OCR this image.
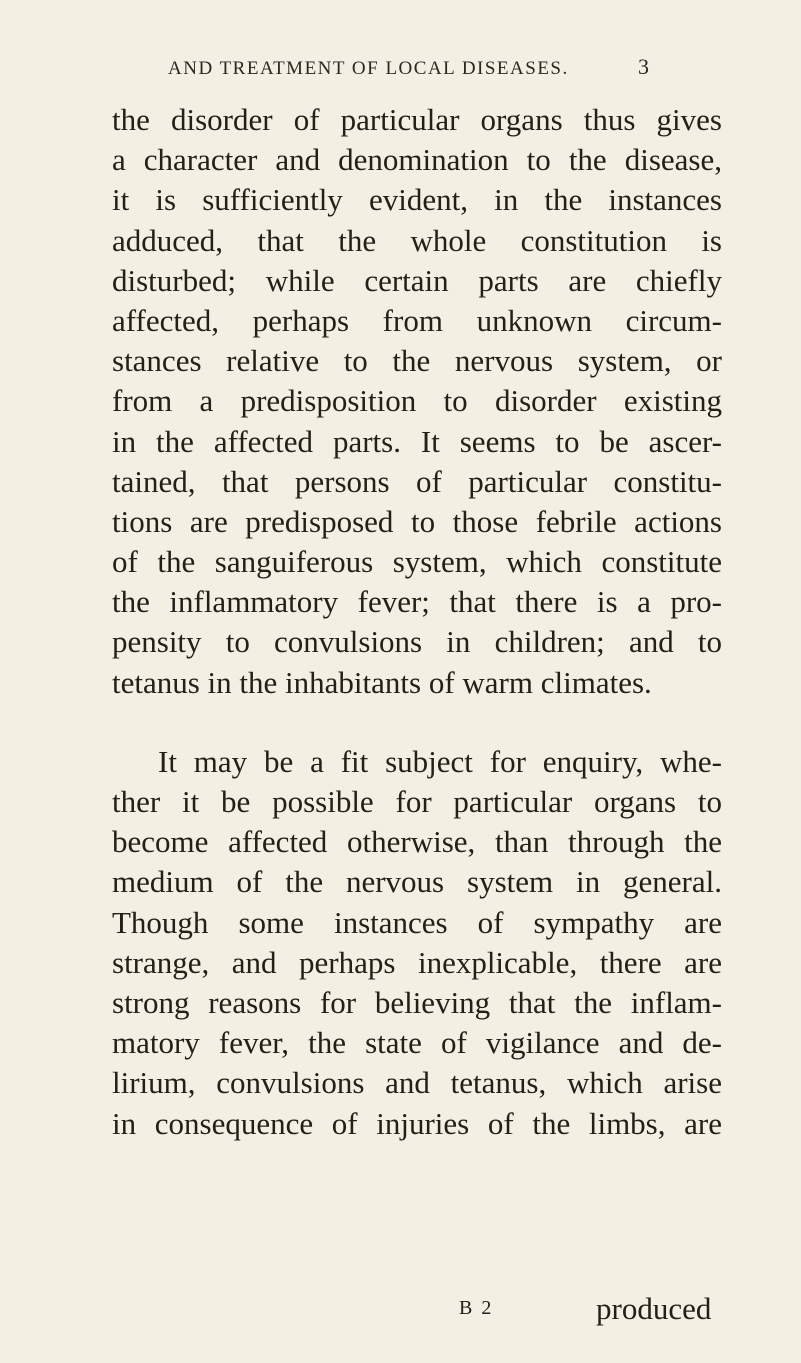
AND TREATMENT OF LOCAL DISEASES.	3
the disorder of particular organs thus gives
a character and denomination to the disease,
it is sufficiently evident, in the instances
adduced, that the whole constitution is
disturbed; while certain parts are chiefly
affected, perhaps from unknown circum-
stances relative to the nervous system, or
from a predisposition to disorder existing
in the affected parts. It seems to be ascer-
tained, that persons of particular constitu-
tions are predisposed to those febrile actions
of the sanguiferous system, which constitute
the inflammatory fever; that there is a pro-
pensity to convulsions in children; and to
tetanus in the inhabitants of warm climates.
It may be a fit subject for enquiry, whe-
ther it be possible for particular organs to
become affected otherwise, than through the
medium of the nervous system in general.
Though some instances of sympathy are
strange, and perhaps inexplicable, there are
strong reasons for believing that the inflam-
matory fever, the state of vigilance and de-
lirium, convulsions and tetanus, which arise
in consequence of injuries of the limbs, are
B 2	produced
